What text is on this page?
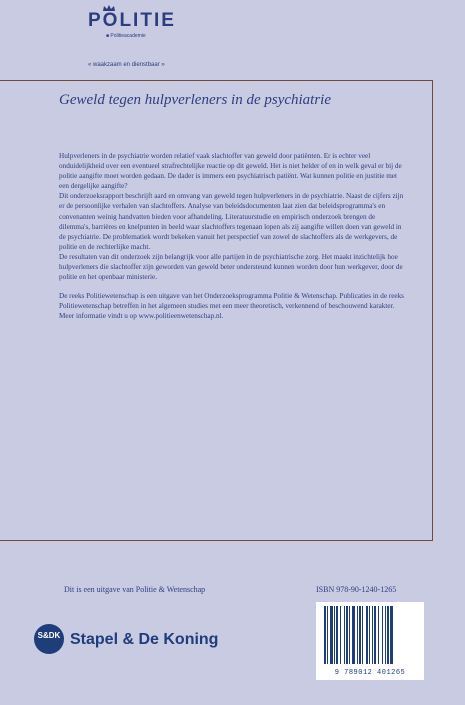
POLITIE
■ Politieacademie
« waakzaam en dienstbaar »
Geweld tegen hulpverleners in de psychiatrie

Hulpverleners in de psychiatrie worden relatief vaak slachtoffer van geweld door patiënten. Er is echter veel onduidelijkheid over een eventueel strafrechtelijke reactie op dit geweld. Het is niet helder of en in welk geval er bij de politie aangifte moet worden gedaan. De dader is immers een psychiatrisch patiënt. Wat kunnen politie en justitie met een dergelijke aangifte?

Dit onderzoeksrapport beschrijft aard en omvang van geweld tegen hulpverleners in de psychiatrie. Naast de cijfers zijn er de persoonlijke verhalen van slachtoffers. Analyse van beleidsdocumenten laat zien dat beleidsprogramma's en convenanten weinig handvatten bieden voor afhandeling. Literatuurstudie en empirisch onderzoek brengen de dilemma's, barrières en knelpunten in beeld waar slachtoffers tegenaan lopen als zij aangifte willen doen van geweld in de psychiatrie. De problematiek wordt bekeken vanuit het perspectief van zowel de slachtoffers als de werkgevers, de politie en de rechterlijke macht.

De resultaten van dit onderzoek zijn belangrijk voor alle partijen in de psychiatrische zorg. Het maakt inzichtelijk hoe hulpverleners die slachtoffer zijn geworden van geweld beter ondersteund kunnen worden door hun werkgever, door de politie en het openbaar ministerie.

De reeks Politiewetenschap is een uitgave van het Onderzoeksprogramma Politie & Wetenschap. Publicaties in de reeks Politiewetenschap betreffen in het algemeen studies met een meer theoretisch, verkennend of beschouwend karakter. Meer informatie vindt u op www.politieenwetenschap.nl.

Dit is een uitgave van Politie & Wetenschap	ISBN 978-90-1240-1265
S&DK Stapel & De Koning
9 789012 401265
